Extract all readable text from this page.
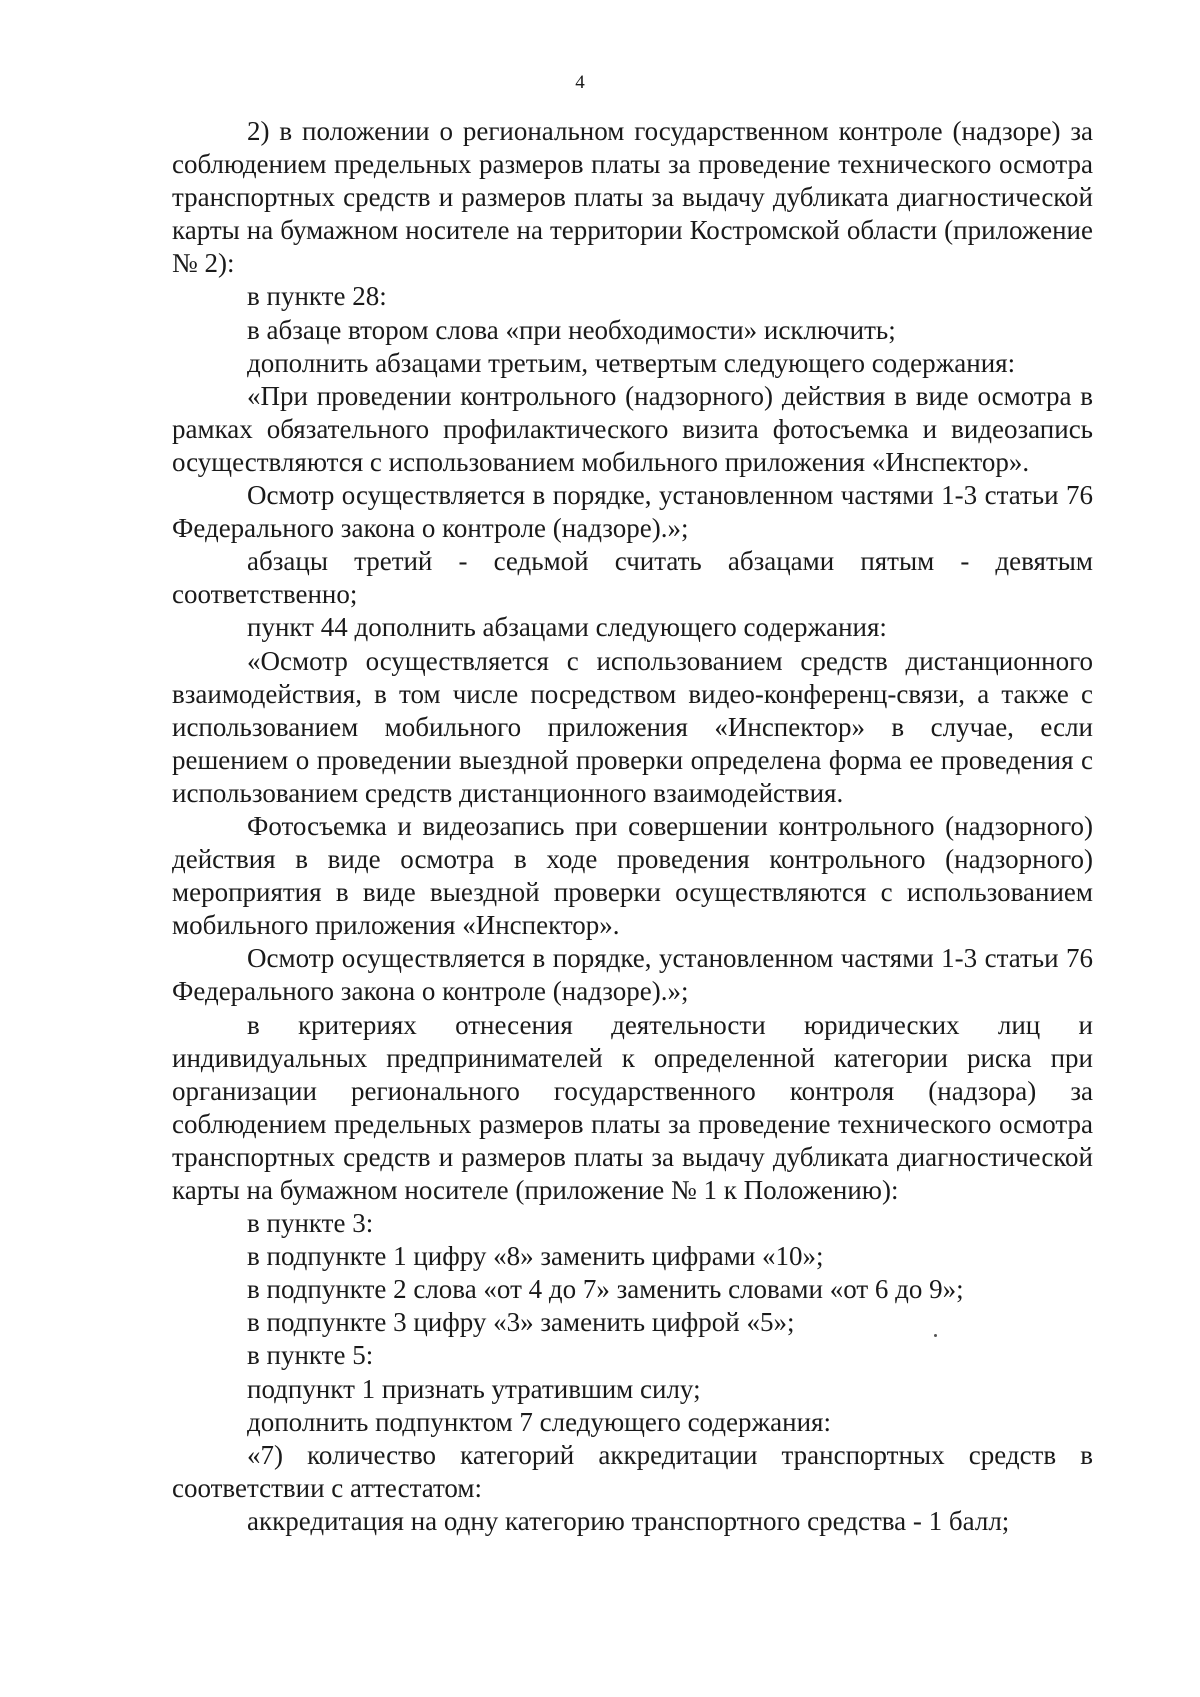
4

2) в положении о региональном государственном контроле (надзоре) за соблюдением предельных размеров платы за проведение технического осмотра транспортных средств и размеров платы за выдачу дубликата диагностической карты на бумажном носителе на территории Костромской области (приложение № 2):

в пункте 28:

в абзаце втором слова «при необходимости» исключить;

дополнить абзацами третьим, четвертым следующего содержания:

«При проведении контрольного (надзорного) действия в виде осмотра в рамках обязательного профилактического визита фотосъемка и видеозапись осуществляются с использованием мобильного приложения «Инспектор».

Осмотр осуществляется в порядке, установленном частями 1-3 статьи 76 Федерального закона о контроле (надзоре).»;

абзацы третий - седьмой считать абзацами пятым - девятым соответственно;

пункт 44 дополнить абзацами следующего содержания:

«Осмотр осуществляется с использованием средств дистанционного взаимодействия, в том числе посредством видео-конференц-связи, а также с использованием мобильного приложения «Инспектор» в случае, если решением о проведении выездной проверки определена форма ее проведения с использованием средств дистанционного взаимодействия.

Фотосъемка и видеозапись при совершении контрольного (надзорного) действия в виде осмотра в ходе проведения контрольного (надзорного) мероприятия в виде выездной проверки осуществляются с использованием мобильного приложения «Инспектор».

Осмотр осуществляется в порядке, установленном частями 1-3 статьи 76 Федерального закона о контроле (надзоре).»;

в критериях отнесения деятельности юридических лиц и индивидуальных предпринимателей к определенной категории риска при организации регионального государственного контроля (надзора) за соблюдением предельных размеров платы за проведение технического осмотра транспортных средств и размеров платы за выдачу дубликата диагностической карты на бумажном носителе (приложение № 1 к Положению):

в пункте 3:

в подпункте 1 цифру «8» заменить цифрами «10»;

в подпункте 2 слова «от 4 до 7» заменить словами «от 6 до 9»;

в подпункте 3 цифру «3» заменить цифрой «5»;

в пункте 5:

подпункт 1 признать утратившим силу;

дополнить подпунктом 7 следующего содержания:

«7) количество категорий аккредитации транспортных средств в соответствии с аттестатом:

аккредитация на одну категорию транспортного средства - 1 балл;
